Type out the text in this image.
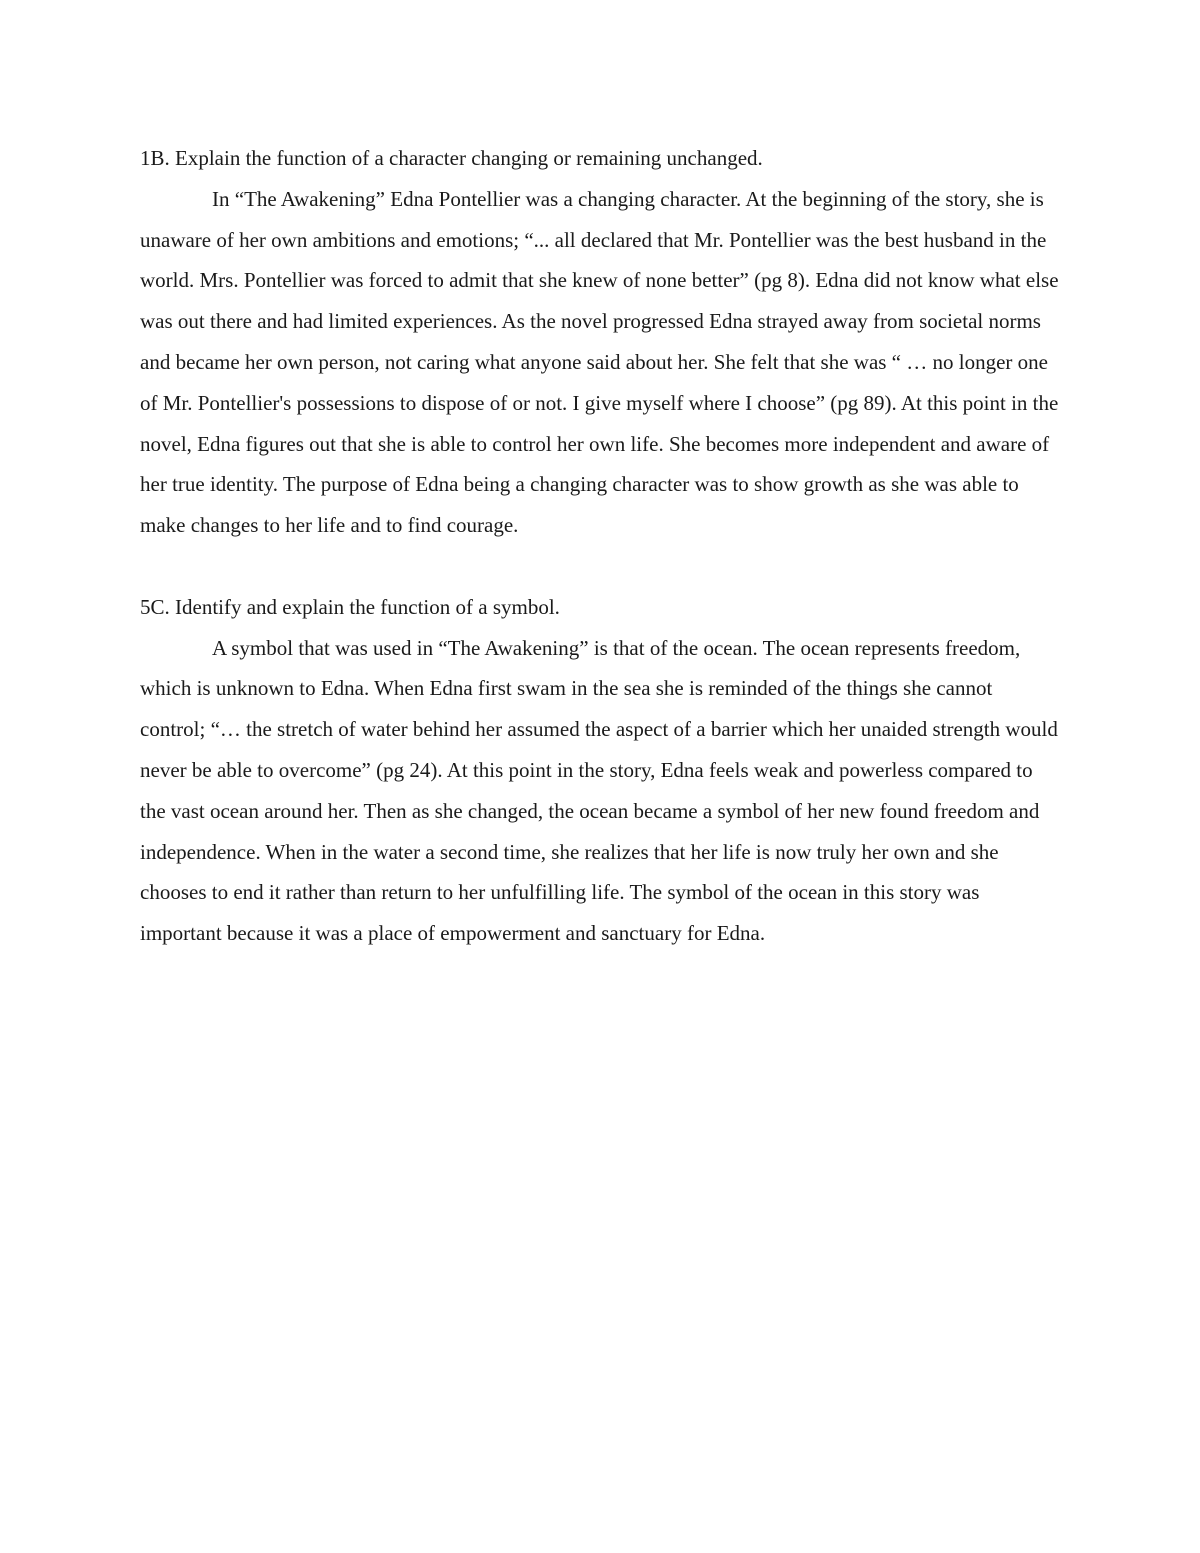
1B. Explain the function of a character changing or remaining unchanged.

In “The Awakening” Edna Pontellier was a changing character. At the beginning of the story, she is unaware of her own ambitions and emotions; “... all declared that Mr. Pontellier was the best husband in the world. Mrs. Pontellier was forced to admit that she knew of none better” (pg 8). Edna did not know what else was out there and had limited experiences. As the novel progressed Edna strayed away from societal norms and became her own person, not caring what anyone said about her. She felt that she was “ … no longer one of Mr. Pontellier's possessions to dispose of or not. I give myself where I choose” (pg 89). At this point in the novel, Edna figures out that she is able to control her own life. She becomes more independent and aware of her true identity. The purpose of Edna being a changing character was to show growth as she was able to make changes to her life and to find courage.

5C. Identify and explain the function of a symbol.

A symbol that was used in “The Awakening” is that of the ocean. The ocean represents freedom, which is unknown to Edna. When Edna first swam in the sea she is reminded of the things she cannot control; “… the stretch of water behind her assumed the aspect of a barrier which her unaided strength would never be able to overcome” (pg 24). At this point in the story, Edna feels weak and powerless compared to the vast ocean around her. Then as she changed, the ocean became a symbol of her new found freedom and independence. When in the water a second time, she realizes that her life is now truly her own and she chooses to end it rather than return to her unfulfilling life. The symbol of the ocean in this story was important because it was a place of empowerment and sanctuary for Edna.
